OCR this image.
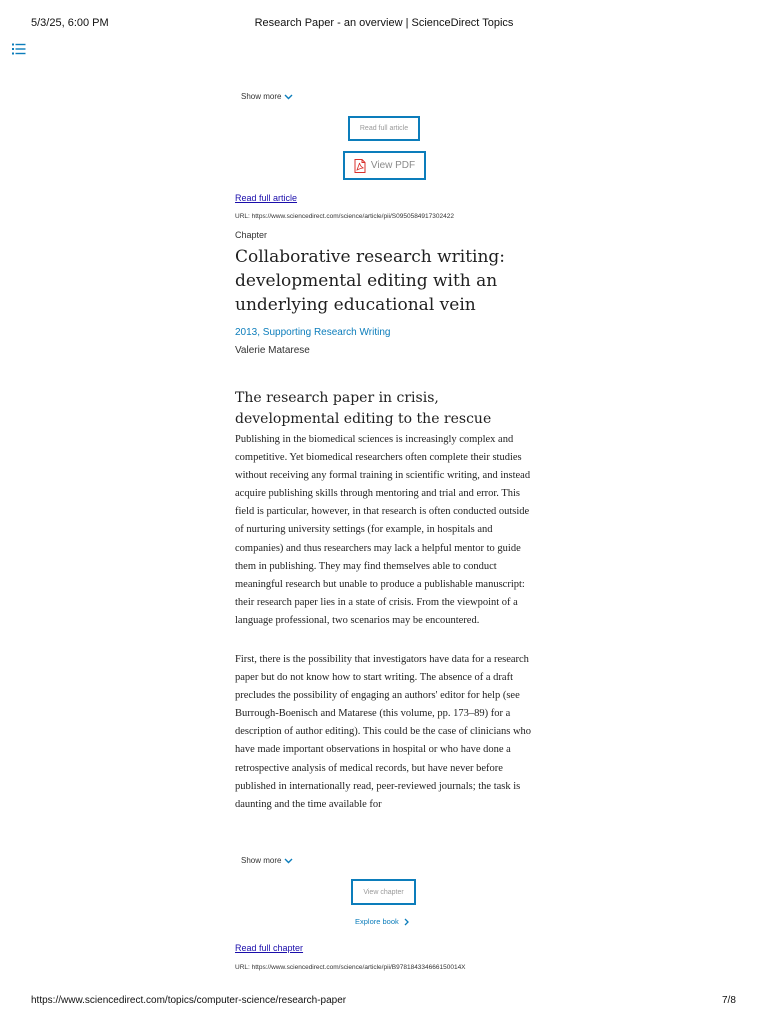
5/3/25, 6:00 PM	Research Paper - an overview | ScienceDirect Topics
Show more
Read full article
View PDF
Read full article
URL: https://www.sciencedirect.com/science/article/pii/S0950584917302422
Chapter
Collaborative research writing: developmental editing with an underlying educational vein
2013, Supporting Research Writing
Valerie Matarese
The research paper in crisis, developmental editing to the rescue

Publishing in the biomedical sciences is increasingly complex and competitive. Yet biomedical researchers often complete their studies without receiving any formal training in scientific writing, and instead acquire publishing skills through mentoring and trial and error. This field is particular, however, in that research is often conducted outside of nurturing university settings (for example, in hospitals and companies) and thus researchers may lack a helpful mentor to guide them in publishing. They may find themselves able to conduct meaningful research but unable to produce a publishable manuscript: their research paper lies in a state of crisis. From the viewpoint of a language professional, two scenarios may be encountered.

First, there is the possibility that investigators have data for a research paper but do not know how to start writing. The absence of a draft precludes the possibility of engaging an authors' editor for help (see Burrough-Boenisch and Matarese (this volume, pp. 173–89) for a description of author editing). This could be the case of clinicians who have made important observations in hospital or who have done a retrospective analysis of medical records, but have never before published in internationally read, peer-reviewed journals; the task is daunting and the time available for

Show more
View chapter
Explore book
Read full chapter
URL: https://www.sciencedirect.com/science/article/pii/B978184334666150014X
https://www.sciencedirect.com/topics/computer-science/research-paper	7/8
